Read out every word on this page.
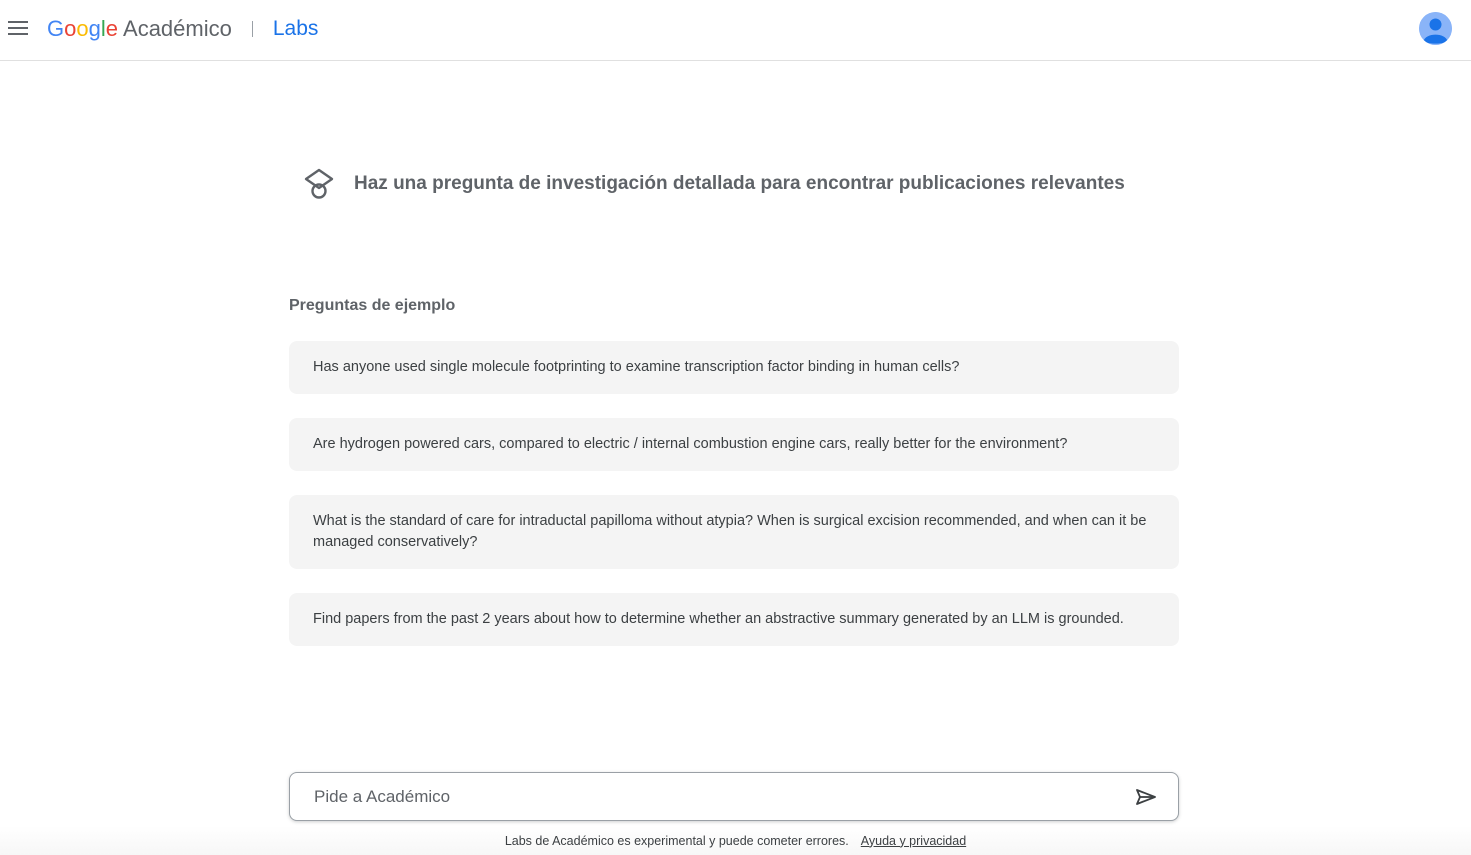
Google Académico Labs
Haz una pregunta de investigación detallada para encontrar publicaciones relevantes
Preguntas de ejemplo
Has anyone used single molecule footprinting to examine transcription factor binding in human cells?
Are hydrogen powered cars, compared to electric / internal combustion engine cars, really better for the environment?
What is the standard of care for intraductal papilloma without atypia? When is surgical excision recommended, and when can it be managed conservatively?
Find papers from the past 2 years about how to determine whether an abstractive summary generated by an LLM is grounded.
Pide a Académico
Labs de Académico es experimental y puede cometer errores. Ayuda y privacidad
